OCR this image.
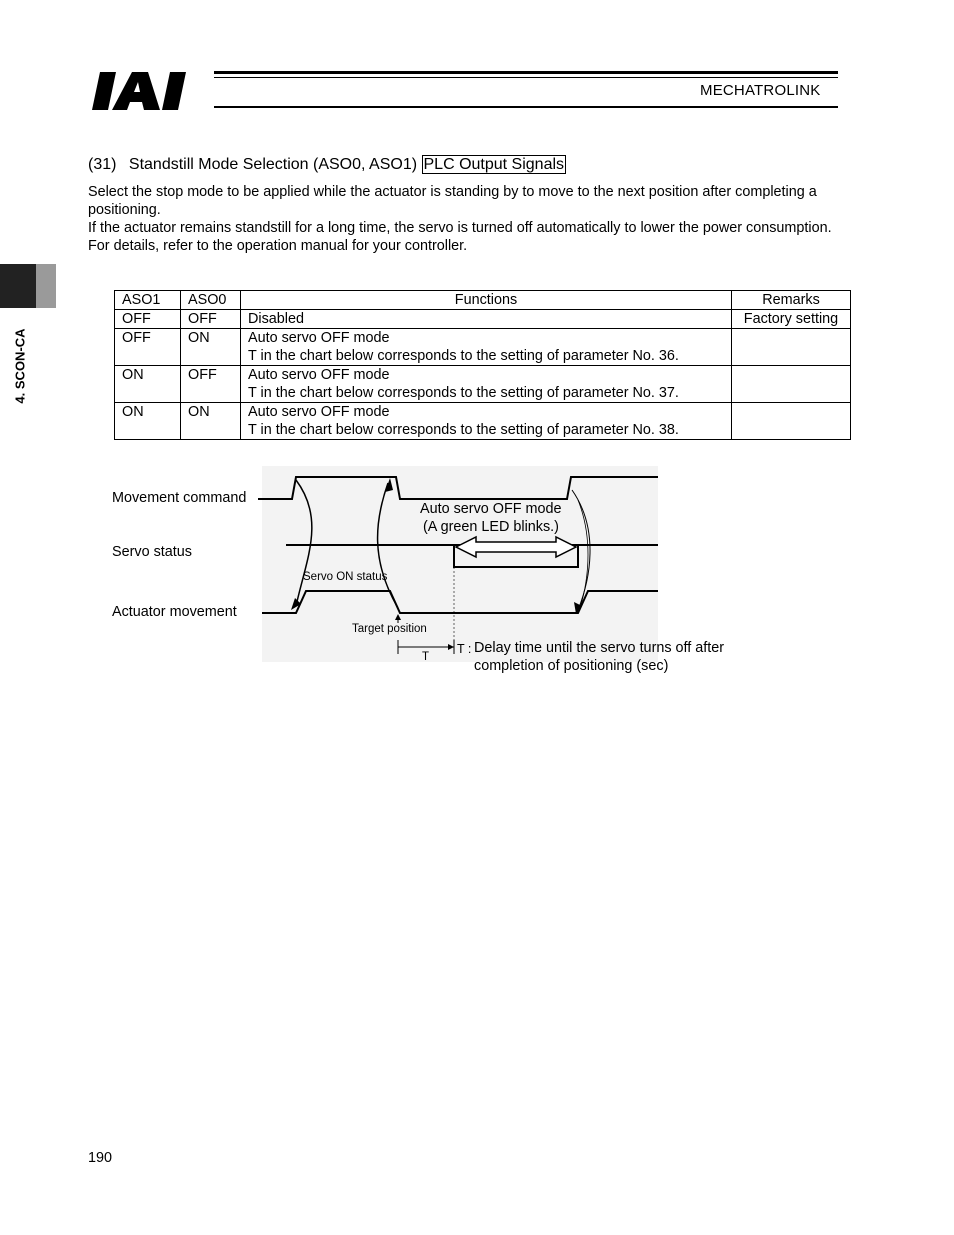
MECHATROLINK
4. SCON-CA
(31) Standstill Mode Selection (ASO0, ASO1) PLC Output Signals

Select the stop mode to be applied while the actuator is standing by to move to the next position after completing a positioning.

If the actuator remains standstill for a long time, the servo is turned off automatically to lower the power consumption.

For details, refer to the operation manual for your controller.

ASO1	ASO0	Functions	Remarks
OFF	OFF	Disabled	Factory setting
OFF	ON	Auto servo OFF mode
T in the chart below corresponds to the setting of parameter No. 36.	
ON	OFF	Auto servo OFF mode
T in the chart below corresponds to the setting of parameter No. 37.	
ON	ON	Auto servo OFF mode
T in the chart below corresponds to the setting of parameter No. 38.	
Movement command
Servo status
Actuator movement
Auto servo OFF mode
(A green LED blinks.)
Servo ON status
Target position
T
T : Delay time until the servo turns off after
completion of positioning (sec)
190
